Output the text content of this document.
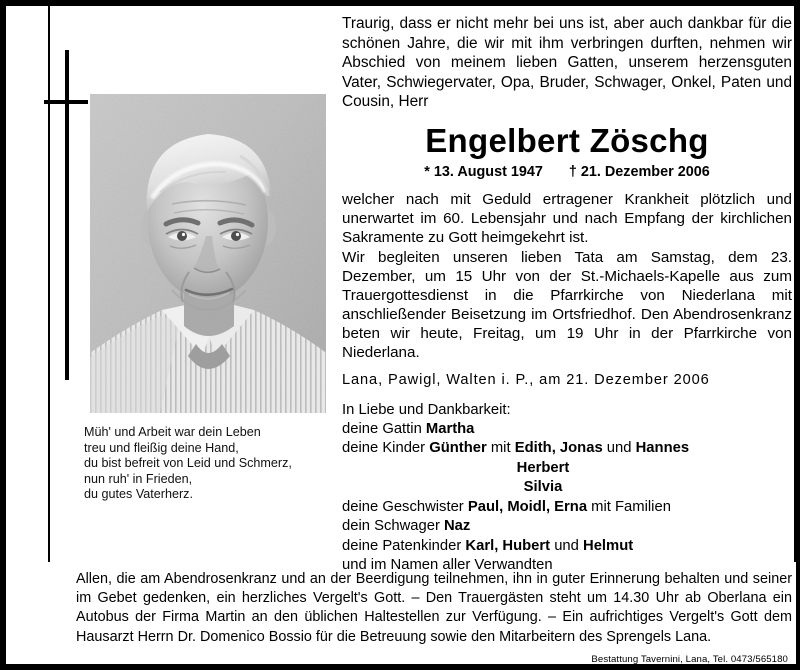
Müh' und Arbeit war dein Leben
treu und fleißig deine Hand,
du bist befreit von Leid und Schmerz,
nun ruh' in Frieden,
du gutes Vaterherz.

Traurig, dass er nicht mehr bei uns ist, aber auch dankbar für die schönen Jahre, die wir mit ihm verbringen durften, nehmen wir Abschied von meinem lieben Gatten, unserem herzensguten Vater, Schwiegervater, Opa, Bruder, Schwager, Onkel, Paten und Cousin, Herr

Engelbert Zöschg
* 13. August 1947 † 21. Dezember 2006

welcher nach mit Geduld ertragener Krankheit plötzlich und unerwartet im 60. Lebensjahr und nach Empfang der kirchlichen Sakramente zu Gott heimgekehrt ist.

Wir begleiten unseren lieben Tata am Samstag, dem 23. Dezember, um 15 Uhr von der St.-Michaels-Kapelle aus zum Trauergottesdienst in die Pfarrkirche von Niederlana mit anschließender Beisetzung im Ortsfriedhof. Den Abendrosenkranz beten wir heute, Freitag, um 19 Uhr in der Pfarrkirche von Niederlana.

Lana, Pawigl, Walten i. P., am 21. Dezember 2006
In Liebe und Dankbarkeit:
deine Gattin Martha
deine Kinder Günther mit Edith, Jonas und Hannes
Herbert
Silvia
deine Geschwister Paul, Moidl, Erna mit Familien
dein Schwager Naz
deine Patenkinder Karl, Hubert und Helmut
und im Namen aller Verwandten

Allen, die am Abendrosenkranz und an der Beerdigung teilnehmen, ihn in guter Erinnerung behalten und seiner im Gebet gedenken, ein herzliches Vergelt's Gott. – Den Trauergästen steht um 14.30 Uhr ab Oberlana ein Autobus der Firma Martin an den üblichen Haltestellen zur Verfügung. – Ein aufrichtiges Vergelt's Gott dem Hausarzt Herrn Dr. Domenico Bossio für die Betreuung sowie den Mitarbeitern des Sprengels Lana.

Bestattung Tavernini, Lana, Tel. 0473/565180
